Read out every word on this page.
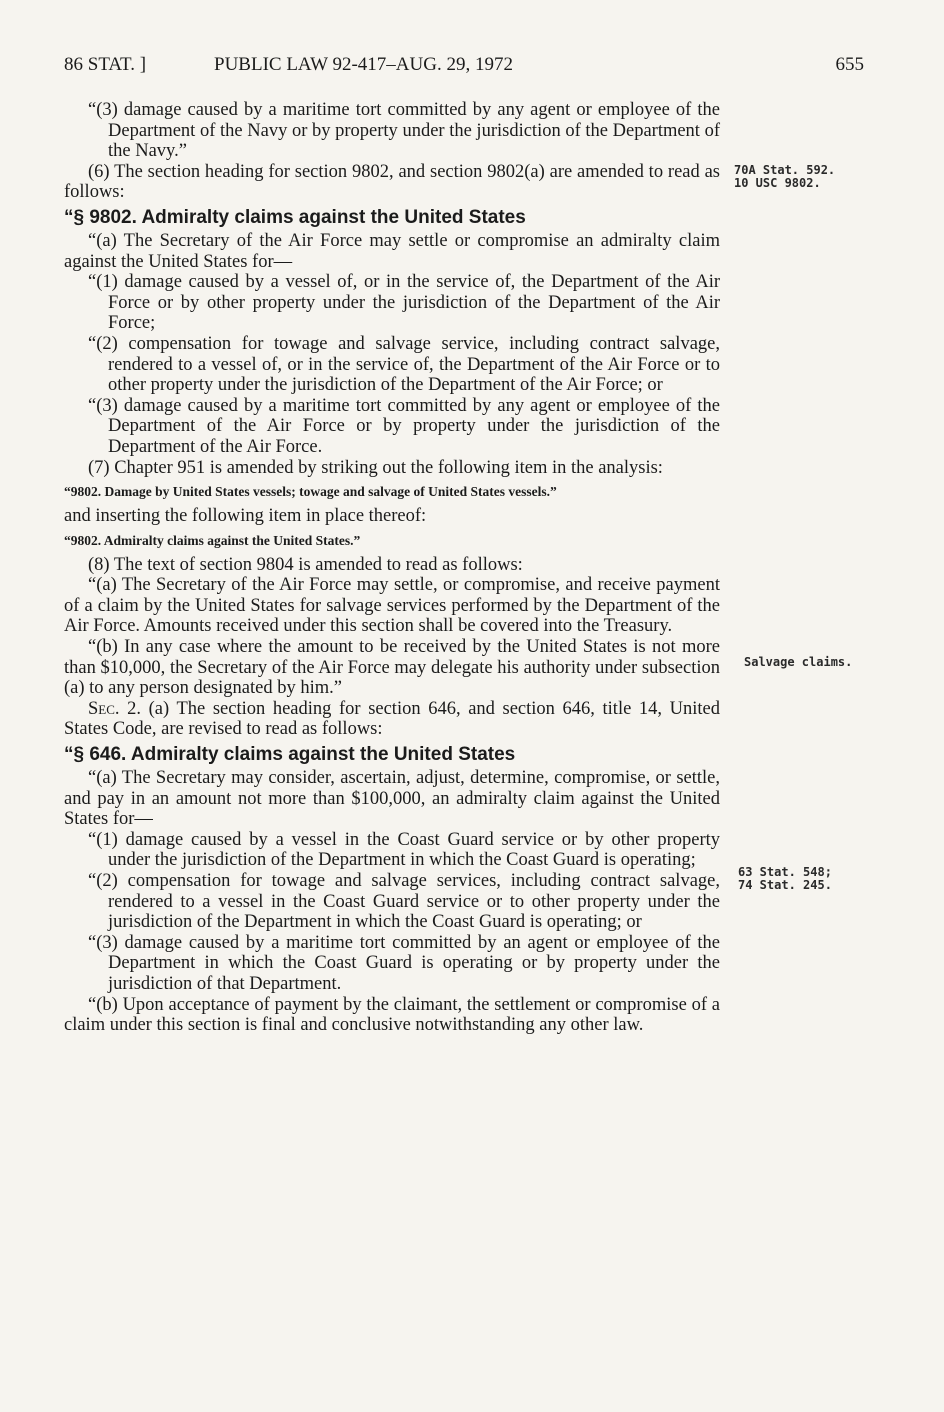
86 STAT. ]	PUBLIC LAW 92-417–AUG. 29, 1972	655

“(3) damage caused by a maritime tort committed by any agent or employee of the Department of the Navy or by property under the jurisdiction of the Department of the Navy.”

(6) The section heading for section 9802, and section 9802(a) are amended to read as follows:

“§ 9802. Admiralty claims against the United States

“(a) The Secretary of the Air Force may settle or compromise an admiralty claim against the United States for—

“(1) damage caused by a vessel of, or in the service of, the Department of the Air Force or by other property under the jurisdiction of the Department of the Air Force;

“(2) compensation for towage and salvage service, including contract salvage, rendered to a vessel of, or in the service of, the Department of the Air Force or to other property under the jurisdiction of the Department of the Air Force; or

“(3) damage caused by a maritime tort committed by any agent or employee of the Department of the Air Force or by property under the jurisdiction of the Department of the Air Force.

(7) Chapter 951 is amended by striking out the following item in the analysis:

“9802. Damage by United States vessels; towage and salvage of United States vessels.”

and inserting the following item in place thereof:

“9802. Admiralty claims against the United States.”

(8) The text of section 9804 is amended to read as follows:

“(a) The Secretary of the Air Force may settle, or compromise, and receive payment of a claim by the United States for salvage services performed by the Department of the Air Force. Amounts received under this section shall be covered into the Treasury.

“(b) In any case where the amount to be received by the United States is not more than $10,000, the Secretary of the Air Force may delegate his authority under subsection (a) to any person designated by him.”

Sec. 2. (a) The section heading for section 646, and section 646, title 14, United States Code, are revised to read as follows:

“§ 646. Admiralty claims against the United States

“(a) The Secretary may consider, ascertain, adjust, determine, compromise, or settle, and pay in an amount not more than $100,000, an admiralty claim against the United States for—

“(1) damage caused by a vessel in the Coast Guard service or by other property under the jurisdiction of the Department in which the Coast Guard is operating;

“(2) compensation for towage and salvage services, including contract salvage, rendered to a vessel in the Coast Guard service or to other property under the jurisdiction of the Department in which the Coast Guard is operating; or

“(3) damage caused by a maritime tort committed by an agent or employee of the Department in which the Coast Guard is operating or by property under the jurisdiction of that Department.

“(b) Upon acceptance of payment by the claimant, the settlement or compromise of a claim under this section is final and conclusive notwithstanding any other law.

70A Stat. 592.
10 USC 9802.
Salvage claims.
63 Stat. 548;
74 Stat. 245.
